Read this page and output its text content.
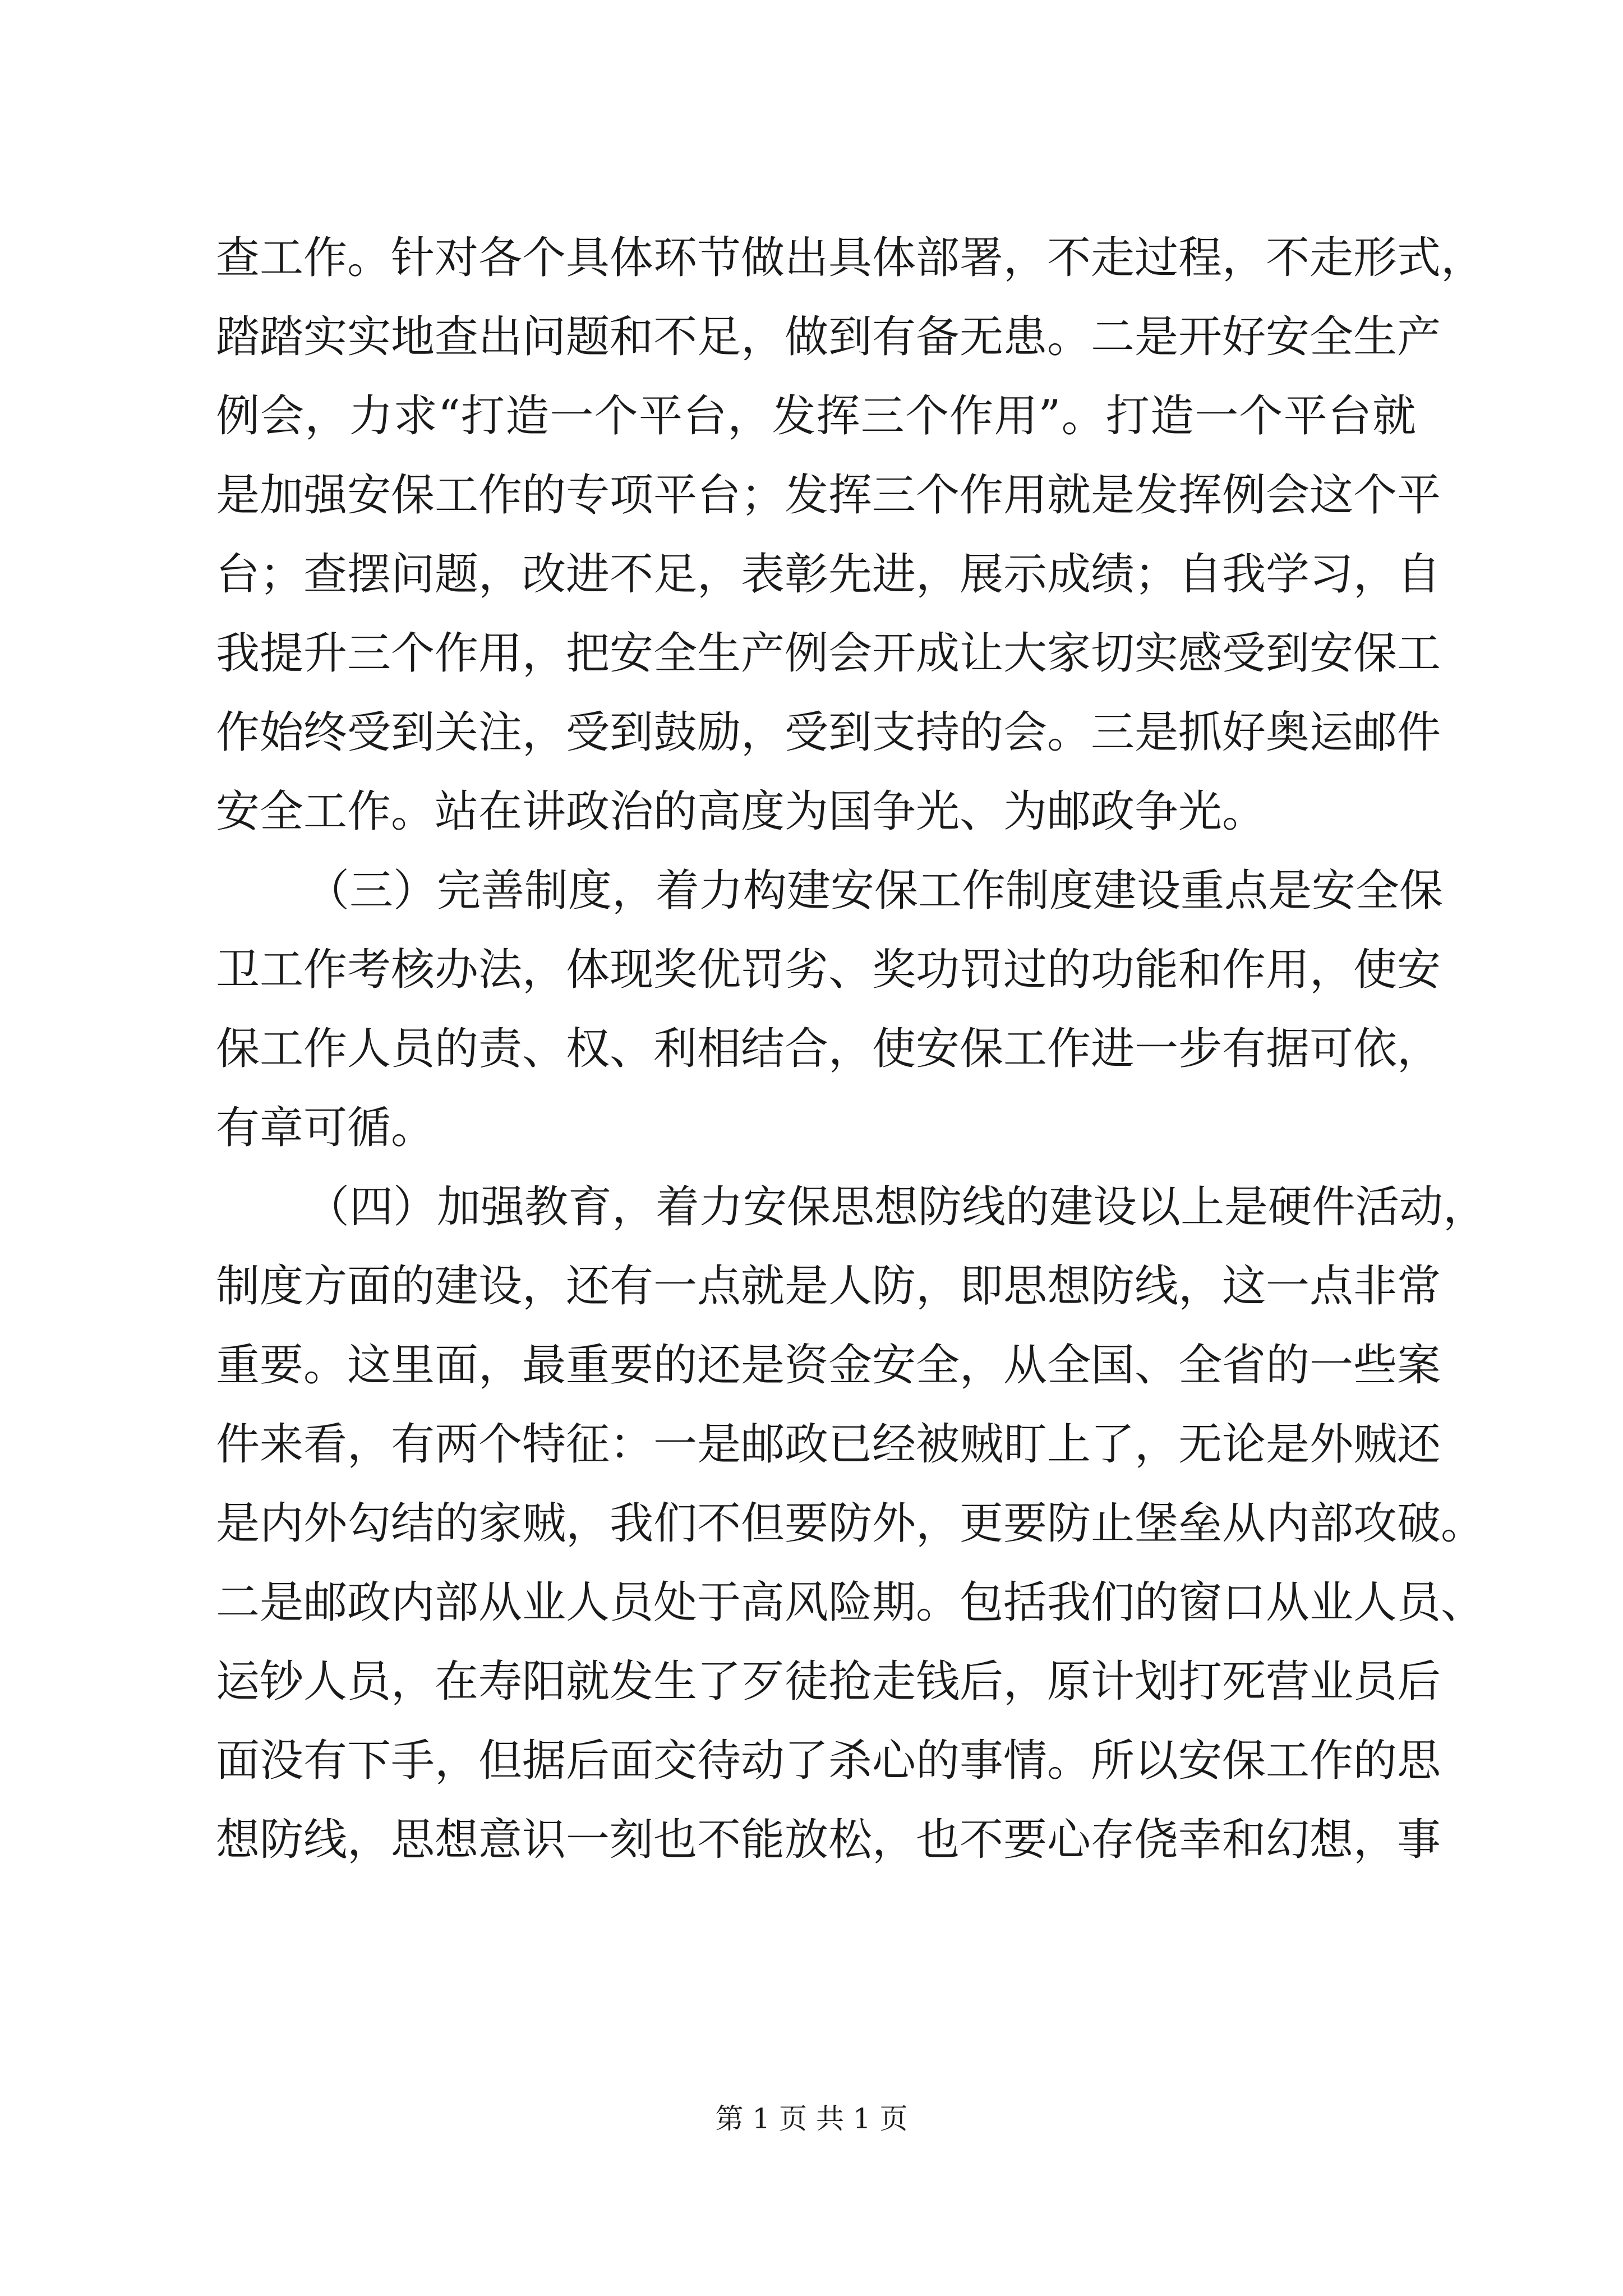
查工作。针对各个具体环节做出具体部署，不走过程，不走形式，
踏踏实实地查出问题和不足，做到有备无患。二是开好安全生产
例会，力求“打造一个平台，发挥三个作用”。打造一个平台就
是加强安保工作的专项平台；发挥三个作用就是发挥例会这个平
台；查摆问题，改进不足，表彰先进，展示成绩；自我学习，自
我提升三个作用，把安全生产例会开成让大家切实感受到安保工
作始终受到关注，受到鼓励，受到支持的会。三是抓好奥运邮件
安全工作。站在讲政治的高度为国争光、为邮政争光。
（三）完善制度，着力构建安保工作制度建设重点是安全保
卫工作考核办法，体现奖优罚劣、奖功罚过的功能和作用，使安
保工作人员的责、权、利相结合，使安保工作进一步有据可依，
有章可循。
（四）加强教育，着力安保思想防线的建设以上是硬件活动，
制度方面的建设，还有一点就是人防，即思想防线，这一点非常
重要。这里面，最重要的还是资金安全，从全国、全省的一些案
件来看，有两个特征：一是邮政已经被贼盯上了，无论是外贼还
是内外勾结的家贼，我们不但要防外，更要防止堡垒从内部攻破。
二是邮政内部从业人员处于高风险期。包括我们的窗口从业人员、
运钞人员，在寿阳就发生了歹徒抢走钱后，原计划打死营业员后
面没有下手，但据后面交待动了杀心的事情。所以安保工作的思
想防线，思想意识一刻也不能放松，也不要心存侥幸和幻想，事
第 1 页 共 1 页
